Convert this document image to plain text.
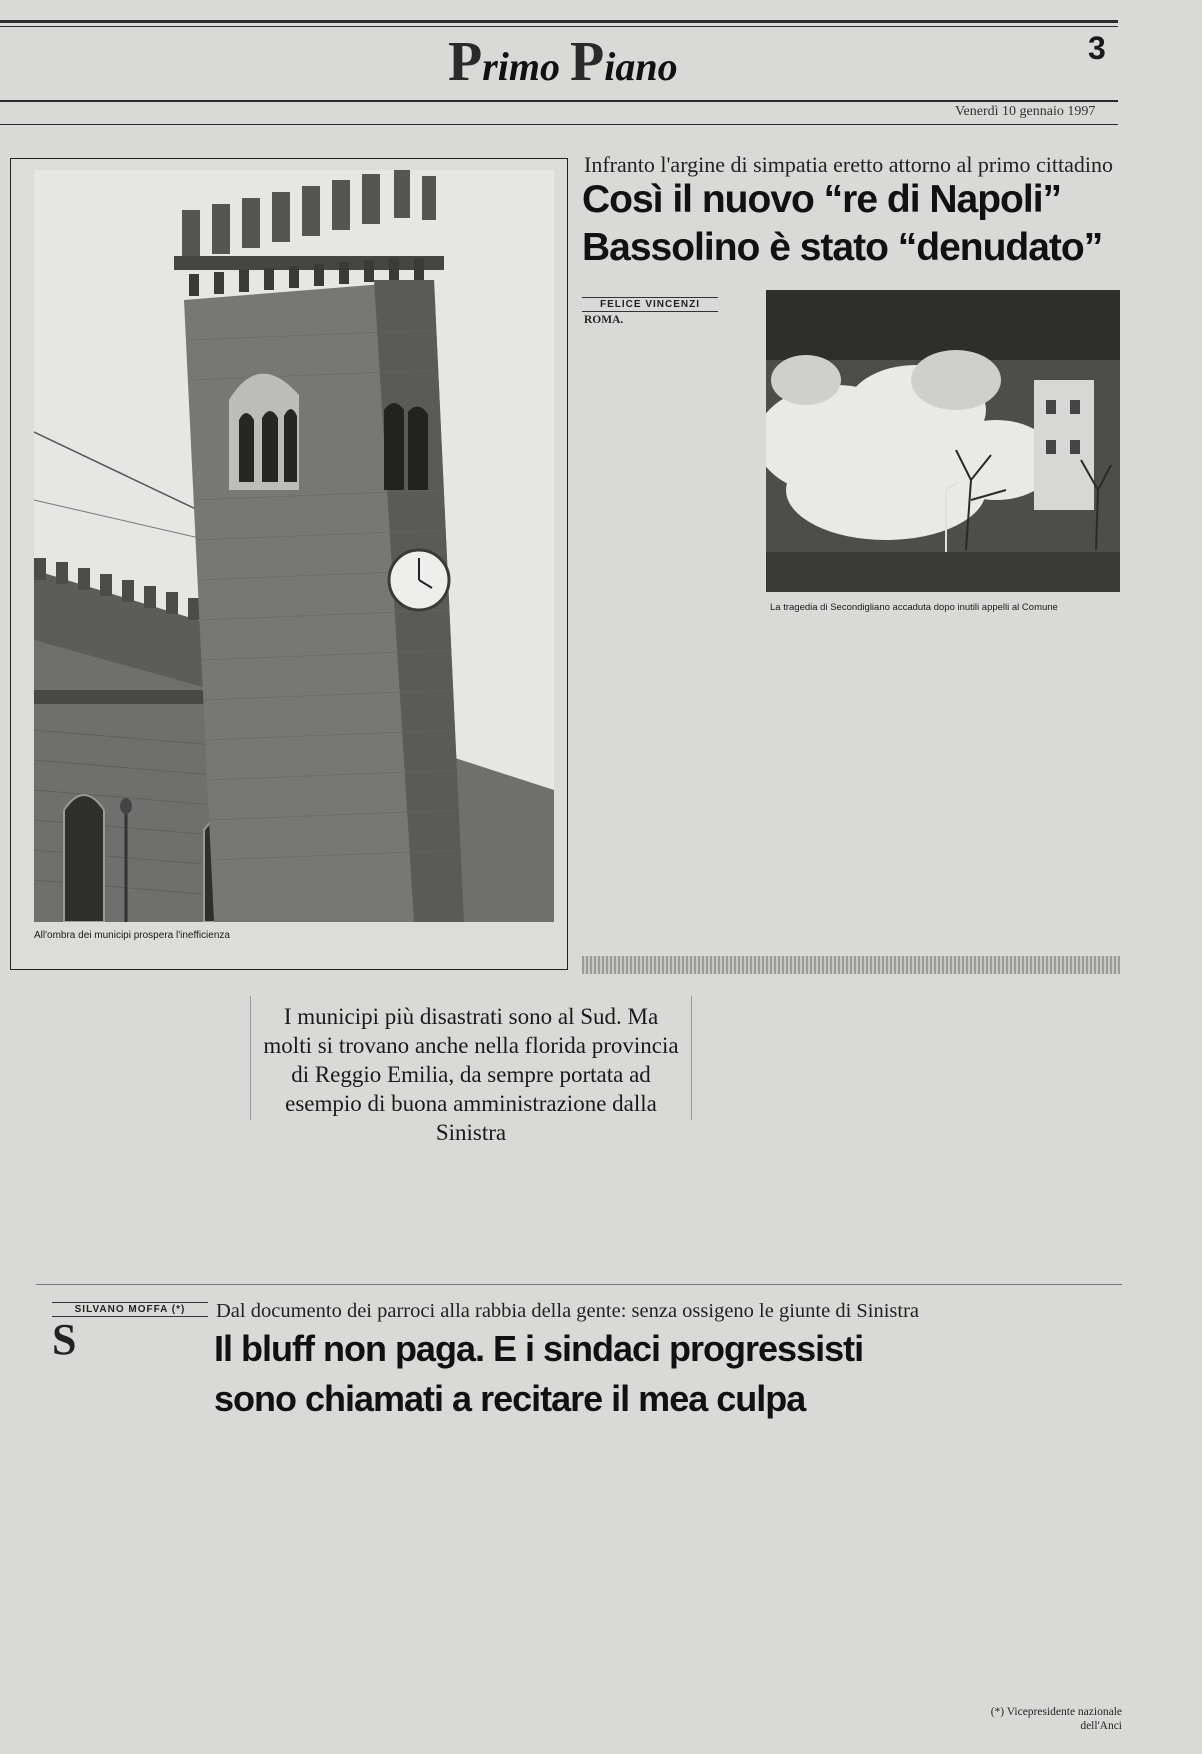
Primo Piano	3
Venerdì 10 gennaio 1997
All'ombra dei municipi prospera l'inefficienza
Infranto l'argine di simpatia eretto attorno al primo cittadino
Così il nuovo “re di Napoli”
Bassolino è stato “denudato”
FELICE VINCENZI
La tragedia di Secondigliano accaduta dopo inutili appelli al Comune

ROMA.

I municipi più disastrati sono al Sud. Ma molti si trovano anche nella florida provincia di Reggio Emilia, da sempre portata ad esempio di buona amministrazione dalla Sinistra
SILVANO MOFFA (*)	Dal documento dei parroci alla rabbia della gente: senza ossigeno le giunte di Sinistra
Il bluff non paga. E i sindaci progressisti
sono chiamati a recitare il mea culpa
S
(*) Vicepresidente nazionale dell'Anci
